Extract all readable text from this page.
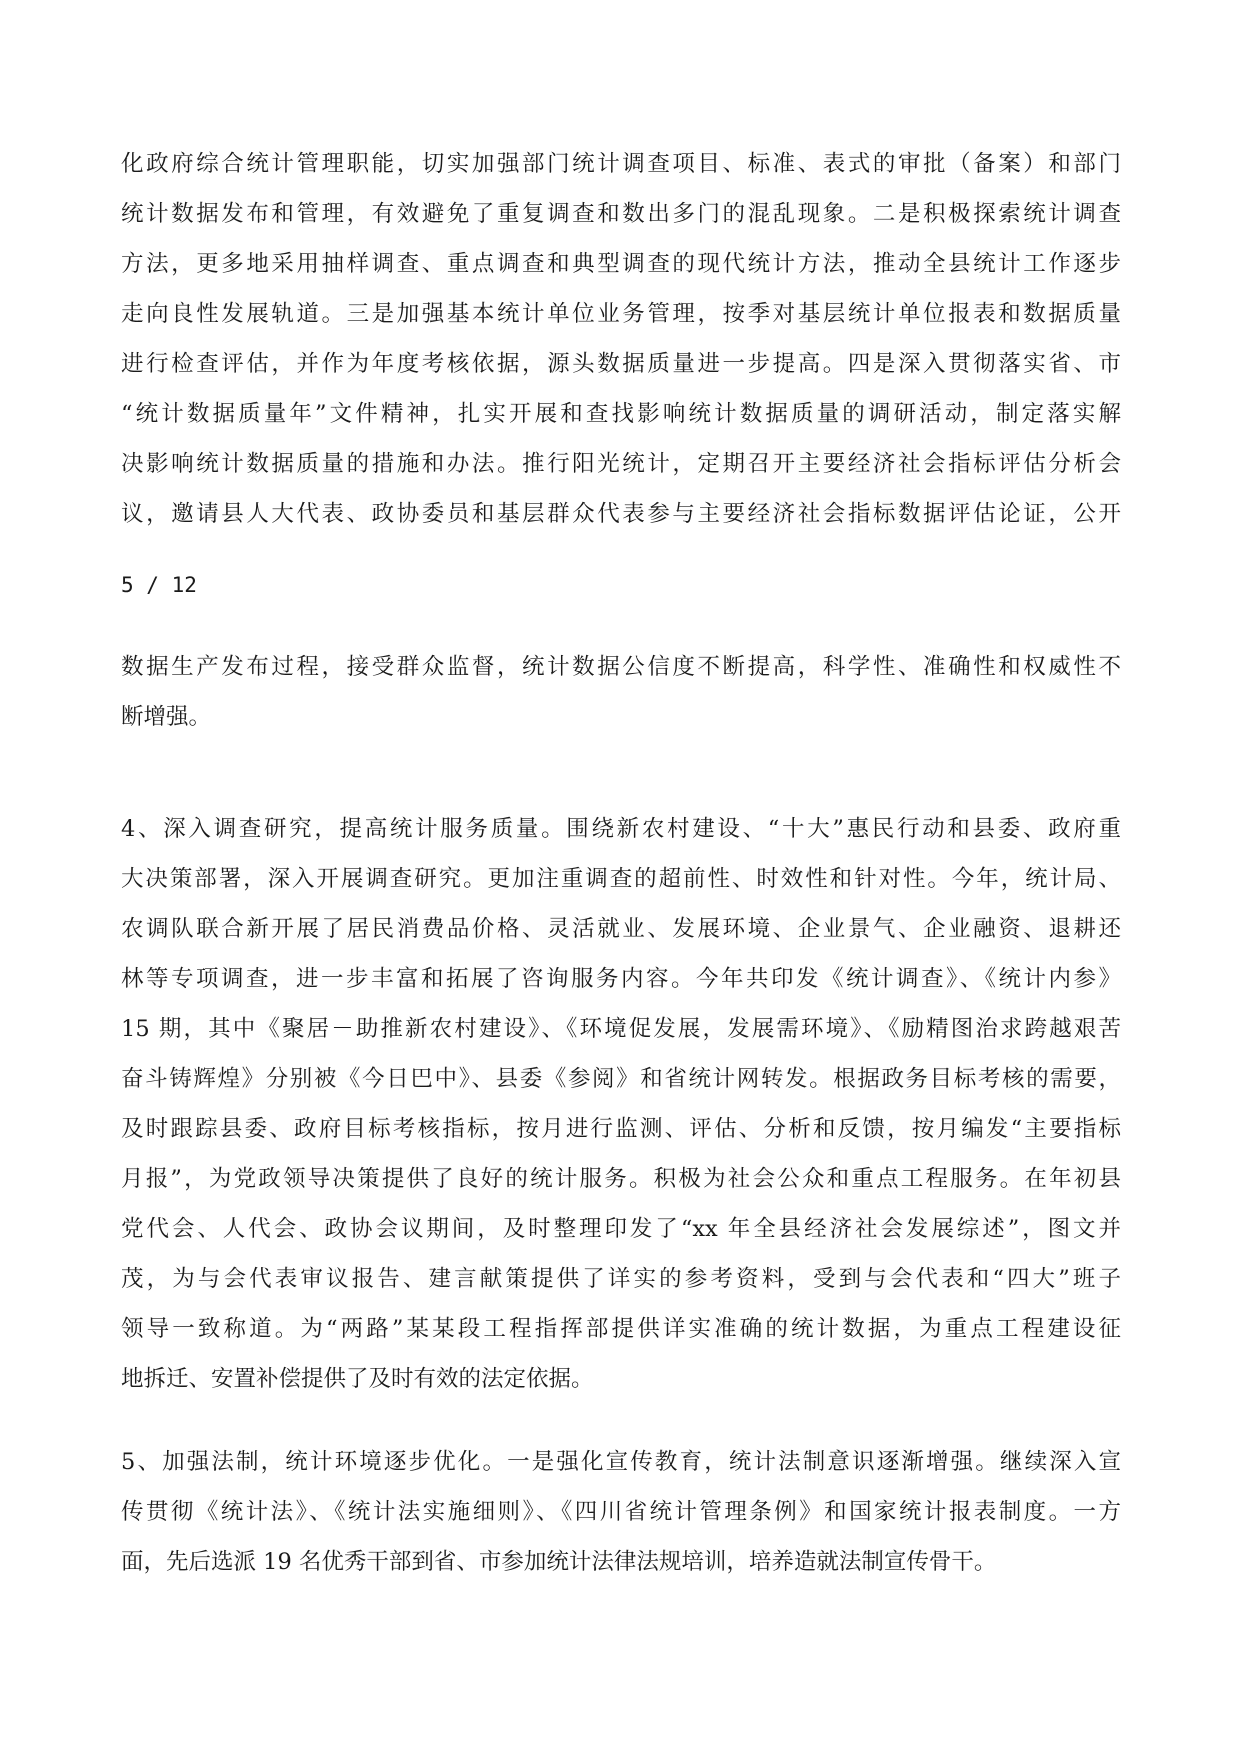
化政府综合统计管理职能，切实加强部门统计调查项目、标准、表式的审批（备案）和部门
统计数据发布和管理，有效避免了重复调查和数出多门的混乱现象。二是积极探索统计调查
方法，更多地采用抽样调查、重点调查和典型调查的现代统计方法，推动全县统计工作逐步
走向良性发展轨道。三是加强基本统计单位业务管理，按季对基层统计单位报表和数据质量
进行检查评估，并作为年度考核依据，源头数据质量进一步提高。四是深入贯彻落实省、市
“统计数据质量年”文件精神，扎实开展和查找影响统计数据质量的调研活动，制定落实解
决影响统计数据质量的措施和办法。推行阳光统计，定期召开主要经济社会指标评估分析会
议，邀请县人大代表、政协委员和基层群众代表参与主要经济社会指标数据评估论证，公开
5 / 12
数据生产发布过程，接受群众监督，统计数据公信度不断提高，科学性、准确性和权威性不
断增强。
4、深入调查研究，提高统计服务质量。围绕新农村建设、“十大”惠民行动和县委、政府重
大决策部署，深入开展调查研究。更加注重调查的超前性、时效性和针对性。今年，统计局、
农调队联合新开展了居民消费品价格、灵活就业、发展环境、企业景气、企业融资、退耕还
林等专项调查，进一步丰富和拓展了咨询服务内容。今年共印发《统计调查》、《统计内参》
15 期，其中《聚居－助推新农村建设》、《环境促发展，发展需环境》、《励精图治求跨越艰苦
奋斗铸辉煌》分别被《今日巴中》、县委《参阅》和省统计网转发。根据政务目标考核的需要，
及时跟踪县委、政府目标考核指标，按月进行监测、评估、分析和反馈，按月编发“主要指标
月报”，为党政领导决策提供了良好的统计服务。积极为社会公众和重点工程服务。在年初县
党代会、人代会、政协会议期间，及时整理印发了“xx 年全县经济社会发展综述”，图文并
茂，为与会代表审议报告、建言献策提供了详实的参考资料，受到与会代表和“四大”班子
领导一致称道。为“两路”某某段工程指挥部提供详实准确的统计数据，为重点工程建设征
地拆迁、安置补偿提供了及时有效的法定依据。
5、加强法制，统计环境逐步优化。一是强化宣传教育，统计法制意识逐渐增强。继续深入宣
传贯彻《统计法》、《统计法实施细则》、《四川省统计管理条例》和国家统计报表制度。一方
面，先后选派 19 名优秀干部到省、市参加统计法律法规培训，培养造就法制宣传骨干。
